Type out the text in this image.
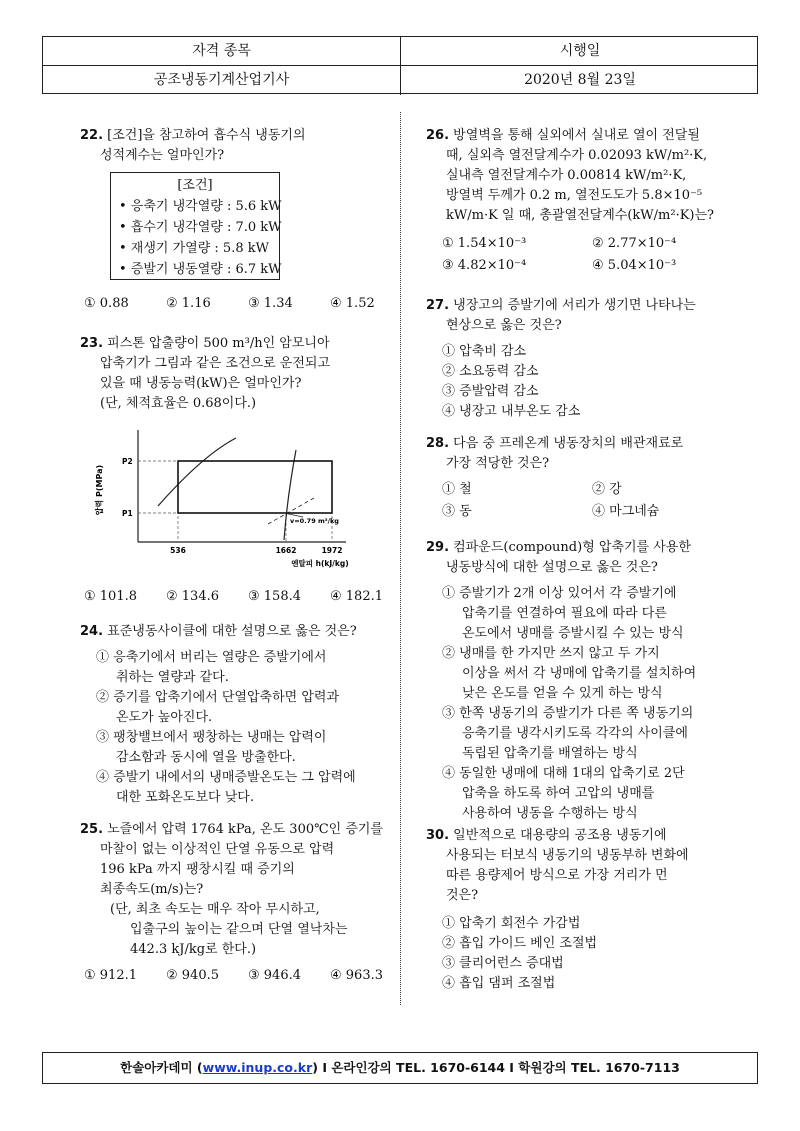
자격 종목	시행일
공조냉동기계산업기사	2020년 8월 23일
22. [조건]을 참고하여 흡수식 냉동기의
성적계수는 얼마인가?
[조건]
• 응축기 냉각열량 : 5.6 kW
• 흡수기 냉각열량 : 7.0 kW
• 재생기 가열량 : 5.8 kW
• 증발기 냉동열량 : 6.7 kW
① 0.88	② 1.16	③ 1.34	④ 1.52
23. 피스톤 압출량이 500 m³/h인 암모니아
압축기가 그림과 같은 조건으로 운전되고
있을 때 냉동능력(kW)은 얼마인가?
(단, 체적효율은 0.68이다.)
압력 P(MPa)
P2
P1
v=0.79 m³/kg
536	1662	1972
엔탈피 h(kJ/kg)
① 101.8	② 134.6	③ 158.4	④ 182.1
24. 표준냉동사이클에 대한 설명으로 옳은 것은?
① 응축기에서 버리는 열량은 증발기에서
취하는 열량과 같다.
② 증기를 압축기에서 단열압축하면 압력과
온도가 높아진다.
③ 팽창밸브에서 팽창하는 냉매는 압력이
감소함과 동시에 열을 방출한다.
④ 증발기 내에서의 냉매증발온도는 그 압력에
대한 포화온도보다 낮다.
25. 노즐에서 압력 1764 kPa, 온도 300℃인 증기를
마찰이 없는 이상적인 단열 유동으로 압력
196 kPa 까지 팽창시킬 때 증기의
최종속도(m/s)는?
(단, 최초 속도는 매우 작아 무시하고,
입출구의 높이는 같으며 단열 열낙차는
442.3 kJ/kg로 한다.)
① 912.1	② 940.5	③ 946.4	④ 963.3
26. 방열벽을 통해 실외에서 실내로 열이 전달될
때, 실외측 열전달계수가 0.02093 kW/m²·K,
실내측 열전달계수가 0.00814 kW/m²·K,
방열벽 두께가 0.2 m, 열전도도가 5.8×10⁻⁵
kW/m·K 일 때, 총괄열전달계수(kW/m²·K)는?
① 1.54×10⁻³	② 2.77×10⁻⁴
③ 4.82×10⁻⁴	④ 5.04×10⁻³
27. 냉장고의 증발기에 서리가 생기면 나타나는
현상으로 옳은 것은?
① 압축비 감소
② 소요동력 감소
③ 증발압력 감소
④ 냉장고 내부온도 감소
28. 다음 중 프레온계 냉동장치의 배관재료로
가장 적당한 것은?
① 철	② 강
③ 동	④ 마그네슘
29. 컴파운드(compound)형 압축기를 사용한
냉동방식에 대한 설명으로 옳은 것은?
① 증발기가 2개 이상 있어서 각 증발기에
압축기를 연결하여 필요에 따라 다른
온도에서 냉매를 증발시킬 수 있는 방식
② 냉매를 한 가지만 쓰지 않고 두 가지
이상을 써서 각 냉매에 압축기를 설치하여
낮은 온도를 얻을 수 있게 하는 방식
③ 한쪽 냉동기의 증발기가 다른 쪽 냉동기의
응축기를 냉각시키도록 각각의 사이클에
독립된 압축기를 배열하는 방식
④ 동일한 냉매에 대해 1대의 압축기로 2단
압축을 하도록 하여 고압의 냉매를
사용하여 냉동을 수행하는 방식
30. 일반적으로 대용량의 공조용 냉동기에
사용되는 터보식 냉동기의 냉동부하 변화에
따른 용량제어 방식으로 가장 거리가 먼
것은?
① 압축기 회전수 가감법
② 흡입 가이드 베인 조절법
③ 클리어런스 증대법
④ 흡입 댐퍼 조절법
한솔아카데미 (www.inup.co.kr) I 온라인강의 TEL. 1670-6144 I 학원강의 TEL. 1670-7113
